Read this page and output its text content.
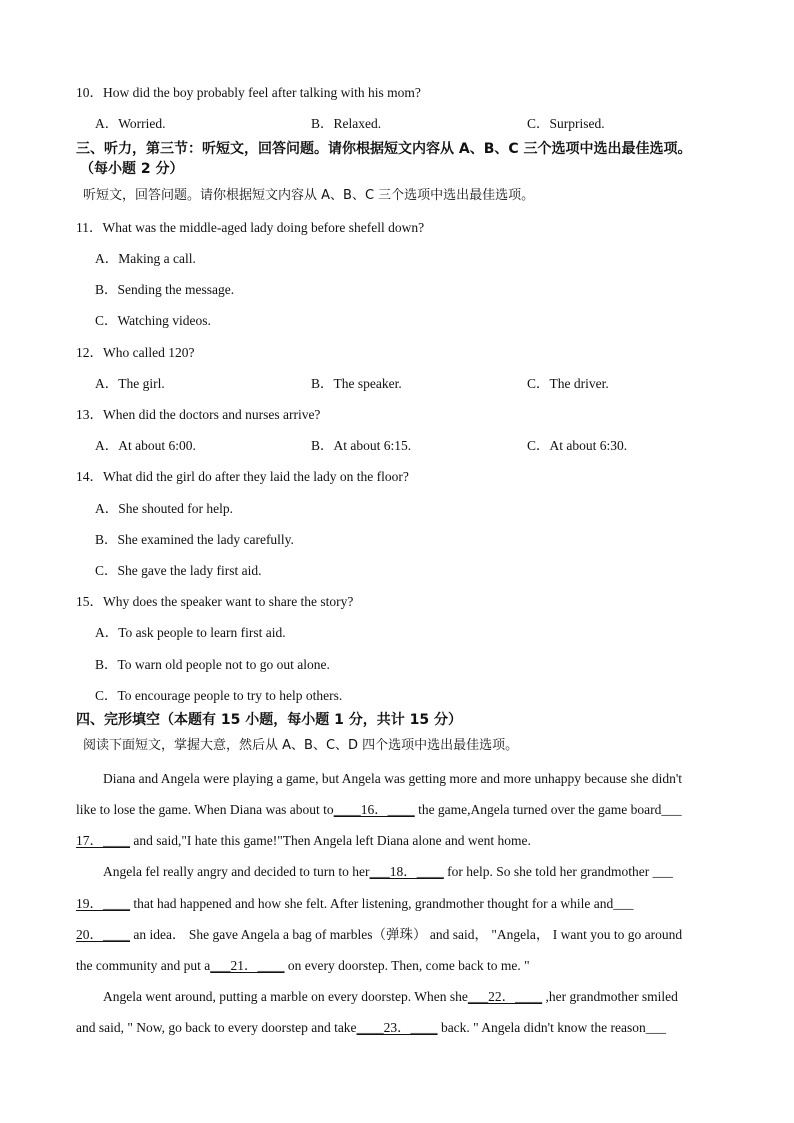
10．How did the boy probably feel after talking with his mom?
A．Worried.	B．Relaxed.	C．Surprised.
三、听力，第三节：听短文，回答问题。请你根据短文内容从 A、B、C 三个选项中选出最佳选项。
（每小题 2 分）
听短文，回答问题。请你根据短文内容从 A、B、C 三个选项中选出最佳选项。
11．What was the middle-aged lady doing before shefell down?
A．Making a call.
B．Sending the message.
C．Watching videos.
12．Who called 120?
A．The girl.	B．The speaker.	C．The driver.
13．When did the doctors and nurses arrive?
A．At about 6:00.	B．At about 6:15.	C．At about 6:30.
14．What did the girl do after they laid the lady on the floor?
A．She shouted for help.
B．She examined the lady carefully.
C．She gave the lady first aid.
15．Why does the speaker want to share the story?
A．To ask people to learn first aid.
B．To warn old people not to go out alone.
C．To encourage people to try to help others.
四、完形填空（本题有 15 小题，每小题 1 分，共计 15 分）
阅读下面短文，掌握大意，然后从 A、B、C、D 四个选项中选出最佳选项。
Diana and Angela were playing a game, but Angela was getting more and more unhappy because she didn't
like to lose the game. When Diana was about to____16．____ the game,Angela turned over the game board___
17．____ and said,"I hate this game!"Then Angela left Diana alone and went home.
Angela fel really angry and decided to turn to her___18．____ for help. So she told her grandmother ___
19．____ that had happened and how she felt. After listening, grandmother thought for a while and___
20．____ an idea． She gave Angela a bag of marbles（弹珠） and said， "Angela， I want you to go around
the community and put a___21．____ on every doorstep. Then, come back to me. "
Angela went around, putting a marble on every doorstep. When she___22．____ ,her grandmother smiled
and said, " Now, go back to every doorstep and take____23．____ back. " Angela didn't know the reason___
